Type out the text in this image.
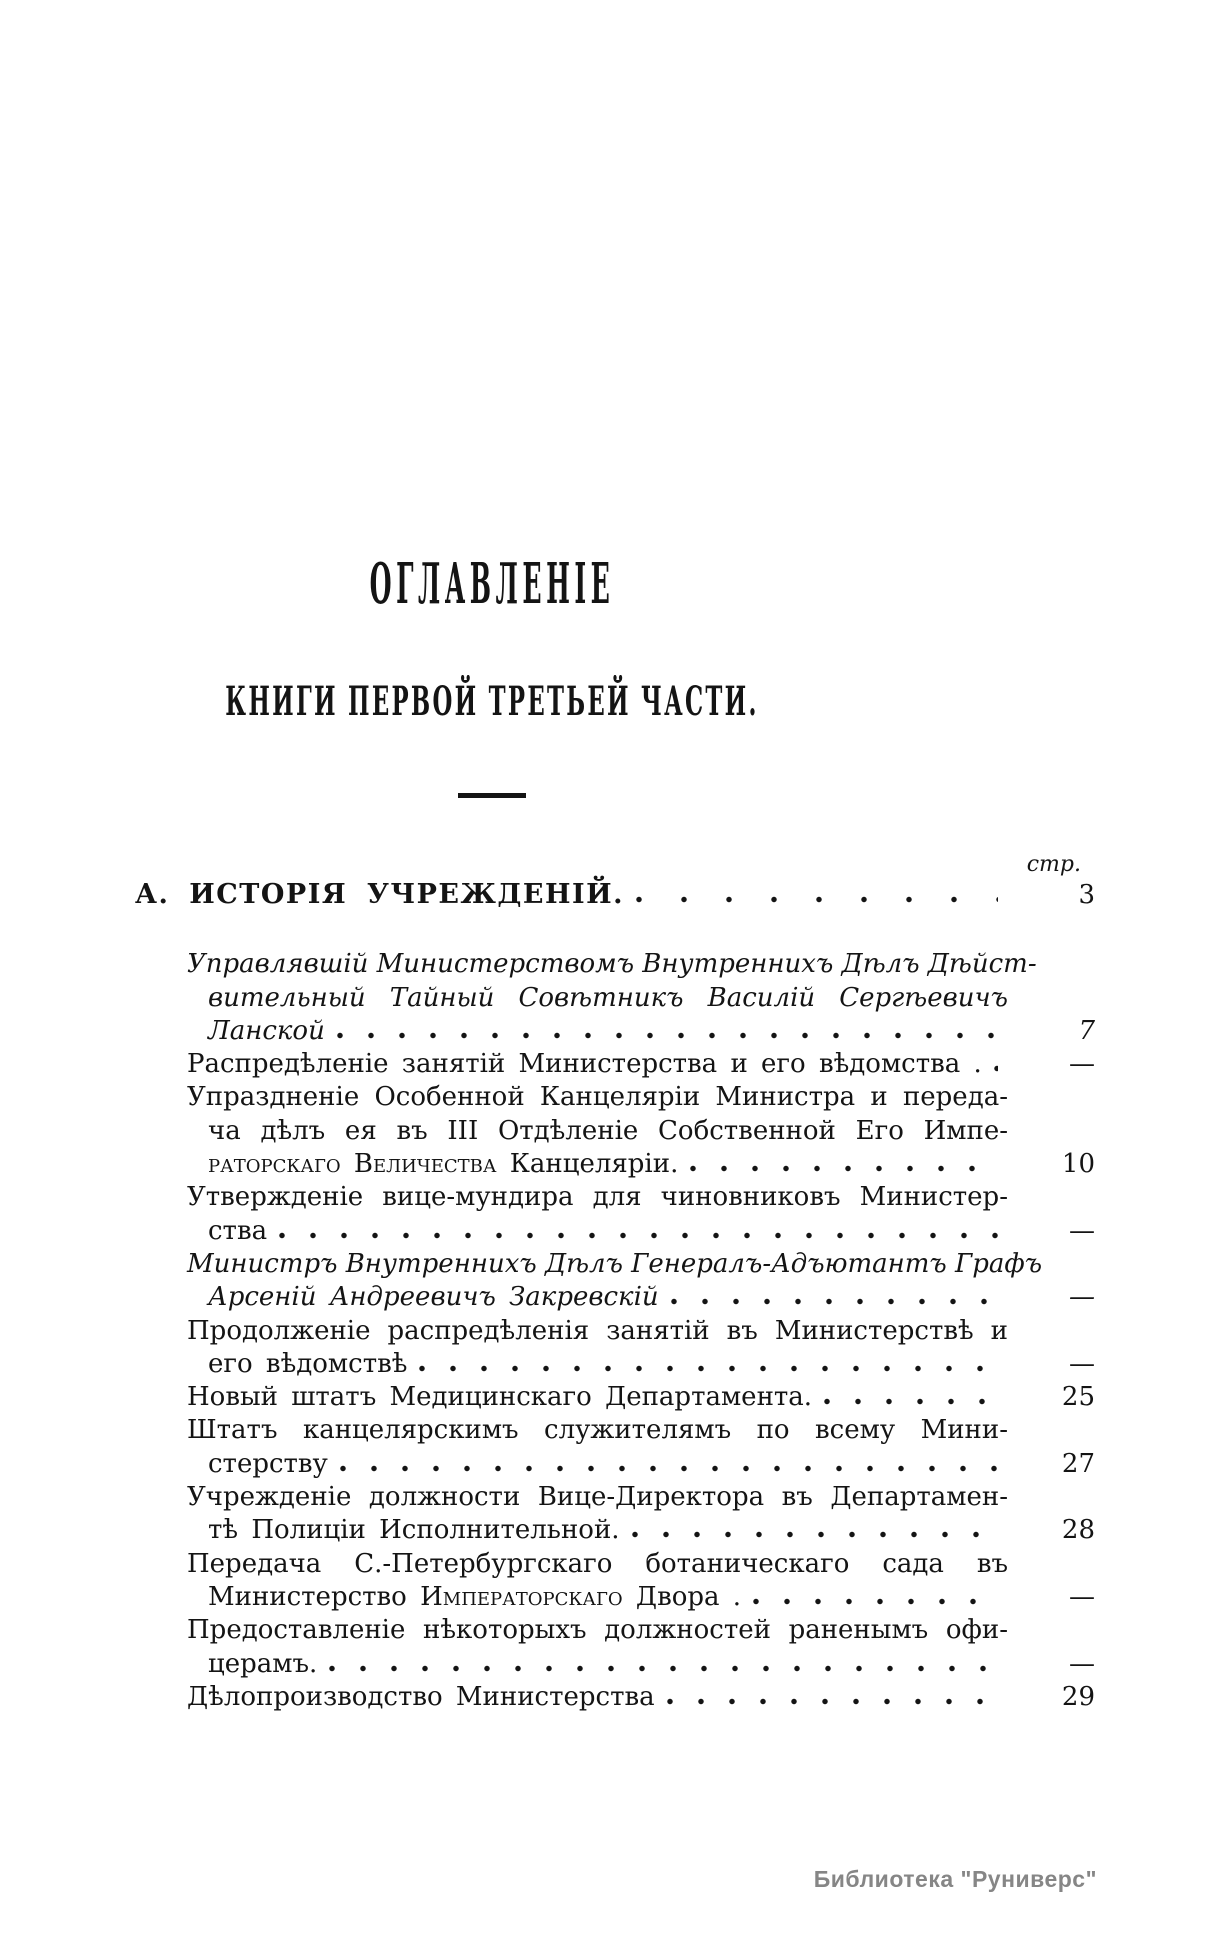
ОГЛАВЛЕНІЕ
КНИГИ ПЕРВОЙ ТРЕТЬЕЙ ЧАСТИ.
стр.
А. ИСТОРІЯ УЧРЕЖДЕНІЙ.	3
Управлявшій Министерствомъ Внутреннихъ Дѣлъ Дѣйст-
вительный Тайный Совѣтникъ Василій Сергѣевичъ
Ланской	7
Распредѣленіе занятій Министерства и его вѣдомства .	—
Упраздненіе Особенной Канцеляріи Министра и переда-
ча дѣлъ ея въ III Отдѣленіе Собственной Его Импе-
раторскаго Величества Канцеляріи.	10
Утвержденіе вице-мундира для чиновниковъ Министер-
ства	—
Министръ Внутреннихъ Дѣлъ Генералъ-Адъютантъ Графъ
Арсеній Андреевичъ Закревскій	—
Продолженіе распредѣленія занятій въ Министерствѣ и
его вѣдомствѣ	—
Новый штатъ Медицинскаго Департамента.	25
Штатъ канцелярскимъ служителямъ по всему Мини-
стерству	27
Учрежденіе должности Вице-Директора въ Департамен-
тѣ Полиціи Исполнительной.	28
Передача С.-Петербургскаго ботаническаго сада въ
Министерство Императорскаго Двора .	—
Предоставленіе нѣкоторыхъ должностей раненымъ офи-
церамъ.	—
Дѣлопроизводство Министерства	29
Библиотека "Руниверс"
